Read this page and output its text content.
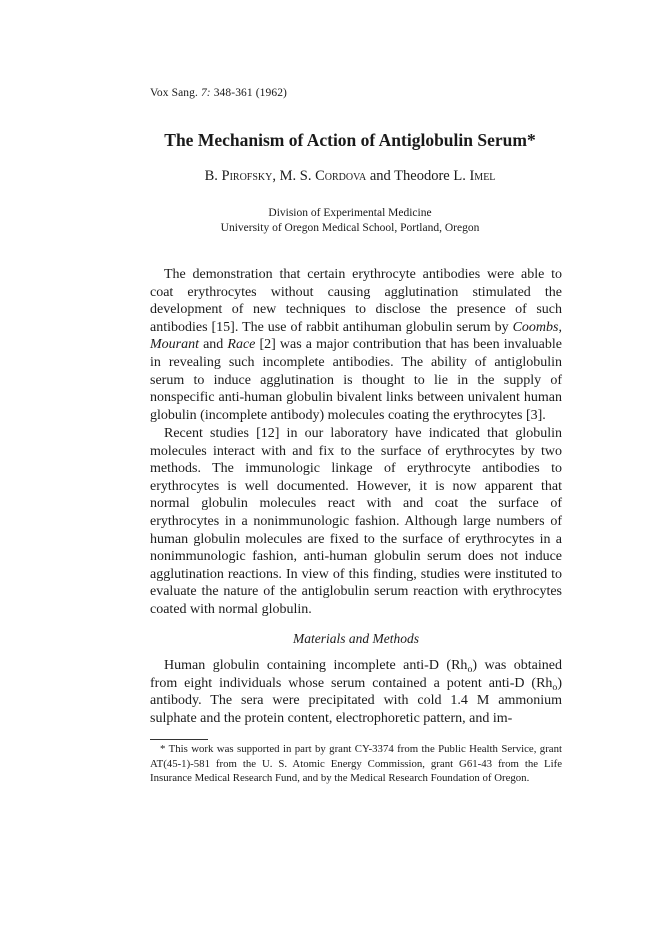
Vox Sang. 7: 348-361 (1962)
The Mechanism of Action of Antiglobulin Serum*
B. Pirofsky, M. S. Cordova and Theodore L. Imel
Division of Experimental Medicine
University of Oregon Medical School, Portland, Oregon

The demonstration that certain erythrocyte antibodies were able to coat erythrocytes without causing agglutination stimulated the development of new techniques to disclose the presence of such antibodies [15]. The use of rabbit antihuman globulin serum by Coombs, Mourant and Race [2] was a major contribution that has been invaluable in revealing such incomplete antibodies. The ability of antiglobulin serum to induce agglutination is thought to lie in the supply of nonspecific anti-human globulin bivalent links between univalent human globulin (incomplete antibody) molecules coating the erythrocytes [3].

Recent studies [12] in our laboratory have indicated that globulin molecules interact with and fix to the surface of erythrocytes by two methods. The immunologic linkage of erythrocyte antibodies to erythrocytes is well documented. However, it is now apparent that normal globulin molecules react with and coat the surface of erythrocytes in a nonimmunologic fashion. Although large numbers of human globulin molecules are fixed to the surface of erythrocytes in a nonimmunologic fashion, anti-human globulin serum does not induce agglutination reactions. In view of this finding, studies were instituted to evaluate the nature of the antiglobulin serum reaction with erythrocytes coated with normal globulin.

Materials and Methods

Human globulin containing incomplete anti-D $(Rh_o)$ was obtained from eight individuals whose serum contained a potent anti-D $(Rh_o)$ antibody. The sera were precipitated with cold 1.4 M ammonium sulphate and the protein content, electrophoretic pattern, and im-

* This work was supported in part by grant CY-3374 from the Public Health Service, grant AT(45-1)-581 from the U. S. Atomic Energy Commission, grant G61-43 from the Life Insurance Medical Research Fund, and by the Medical Research Foundation of Oregon.
